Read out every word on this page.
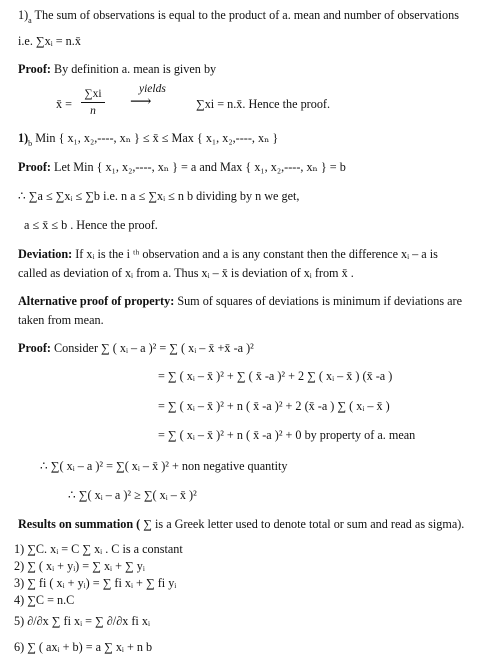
$1)_a$ The sum of observations is equal to the product of a. mean and number of observations
i.e. ∑xᵢ = n.x̄
Proof: By definition a. mean is given by
x̄ =
∑xi
n
yields
⟶	∑xi = n.x̄. Hence the proof.
$1)_b$ Min { x₁, x₂,----, xₙ } ≤ x̄ ≤ Max { x₁, x₂,----, xₙ }
Proof: Let Min { x₁, x₂,----, xₙ } = a and Max { x₁, x₂,----, xₙ } = b
∴ ∑a ≤ ∑xᵢ ≤ ∑b i.e. n a ≤ ∑xᵢ ≤ n b dividing by n we get,
a ≤ x̄ ≤ b . Hence the proof.
Deviation: If xᵢ is the i ᵗʰ observation and a is any constant then the difference xᵢ – a is
called as deviation of xᵢ from a. Thus xᵢ – x̄ is deviation of xᵢ from x̄ .
Alternative proof of property: Sum of squares of deviations is minimum if deviations are
taken from mean.
Proof: Consider ∑ ( xᵢ – a )² = ∑ ( xᵢ – x̄ +x̄ -a )²
= ∑ ( xᵢ – x̄ )² + ∑ ( x̄ -a )² + 2 ∑ ( xᵢ – x̄ ) (x̄ -a )
= ∑ ( xᵢ – x̄ )² + n ( x̄ -a )² + 2 (x̄ -a ) ∑ ( xᵢ – x̄ )
= ∑ ( xᵢ – x̄ )² + n ( x̄ -a )² + 0 by property of a. mean
∴ ∑( xᵢ – a )² = ∑( xᵢ – x̄ )² + non negative quantity
∴ ∑( xᵢ – a )² ≥ ∑( xᵢ – x̄ )²
Results on summation ( ∑ is a Greek letter used to denote total or sum and read as sigma).
1) ∑C. xᵢ = C ∑ xᵢ . C is a constant
2) ∑ ( xᵢ + yᵢ) = ∑ xᵢ + ∑ yᵢ
3) ∑ fi ( xᵢ + yᵢ) = ∑ fi xᵢ + ∑ fi yᵢ
4) ∑C = n.C
5) ∂/∂x ∑ fi xᵢ = ∑ ∂/∂x fi xᵢ
6) ∑ ( axᵢ + b) = a ∑ xᵢ + n b
